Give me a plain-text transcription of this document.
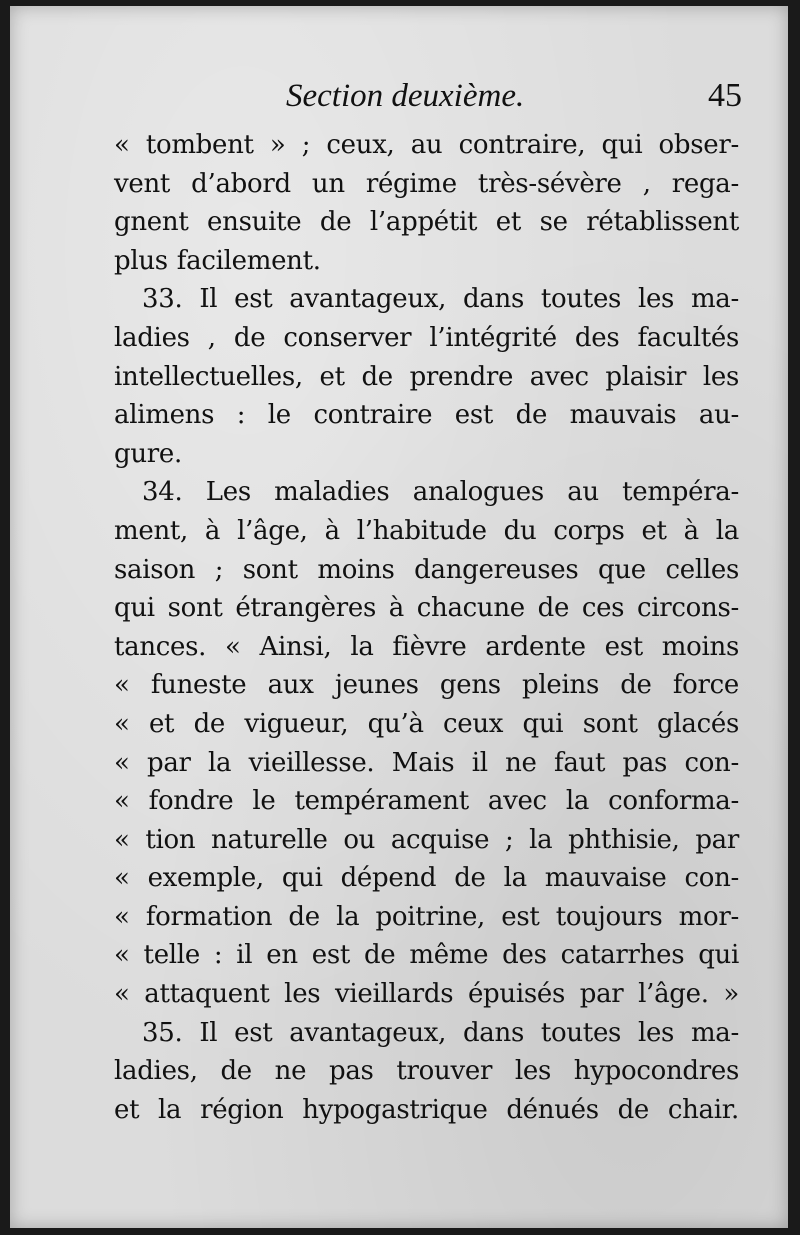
Section deuxième.	45
« tombent » ; ceux, au contraire, qui obser-
vent d’abord un régime très-sévère , rega-
gnent ensuite de l’appétit et se rétablissent
plus facilement.
33. Il est avantageux, dans toutes les ma-
ladies , de conserver l’intégrité des facultés
intellectuelles, et de prendre avec plaisir les
alimens : le contraire est de mauvais au-
gure.
34. Les maladies analogues au tempéra-
ment, à l’âge, à l’habitude du corps et à la
saison ; sont moins dangereuses que celles
qui sont étrangères à chacune de ces circons-
tances. « Ainsi, la fièvre ardente est moins
« funeste aux jeunes gens pleins de force
« et de vigueur, qu’à ceux qui sont glacés
« par la vieillesse. Mais il ne faut pas con-
« fondre le tempérament avec la conforma-
« tion naturelle ou acquise ; la phthisie, par
« exemple, qui dépend de la mauvaise con-
« formation de la poitrine, est toujours mor-
« telle : il en est de même des catarrhes qui
« attaquent les vieillards épuisés par l’âge. »
35. Il est avantageux, dans toutes les ma-
ladies, de ne pas trouver les hypocondres
et la région hypogastrique dénués de chair.
